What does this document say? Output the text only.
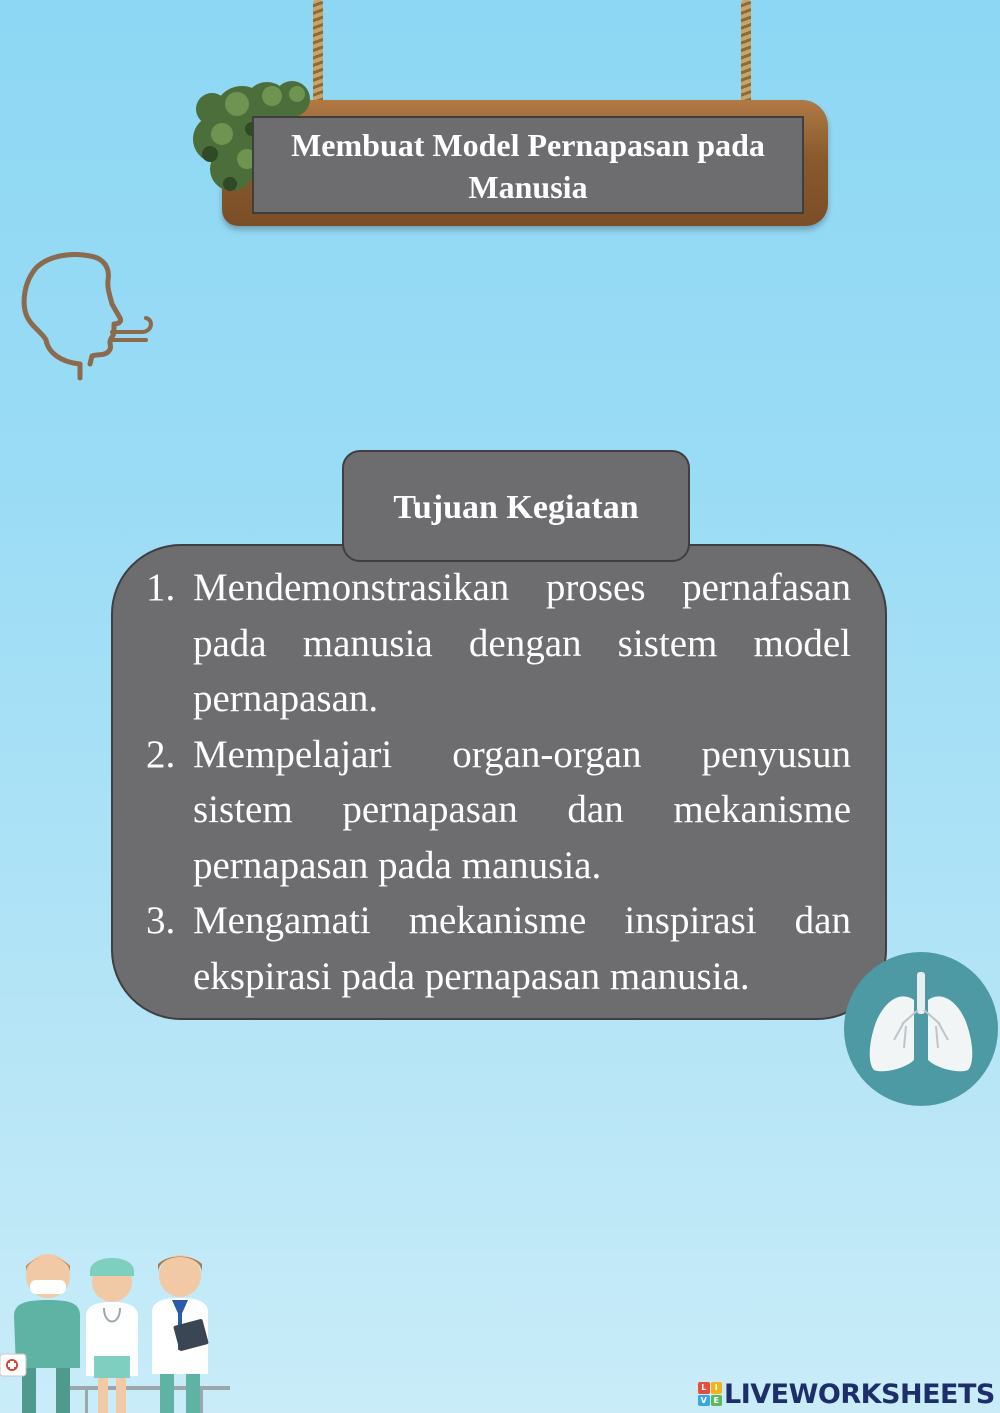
Membuat Model Pernapasan pada
Manusia
Tujuan Kegiatan
1. Mendemonstrasikan proses pernafasan pada manusia dengan sistem model pernapasan.
2. Mempelajari organ-organ penyusun sistem pernapasan dan mekanisme pernapasan pada manusia.
3. Mengamati mekanisme inspirasi dan ekspirasi pada pernapasan manusia.
L	I
V E LIVEWORKSHEETS
